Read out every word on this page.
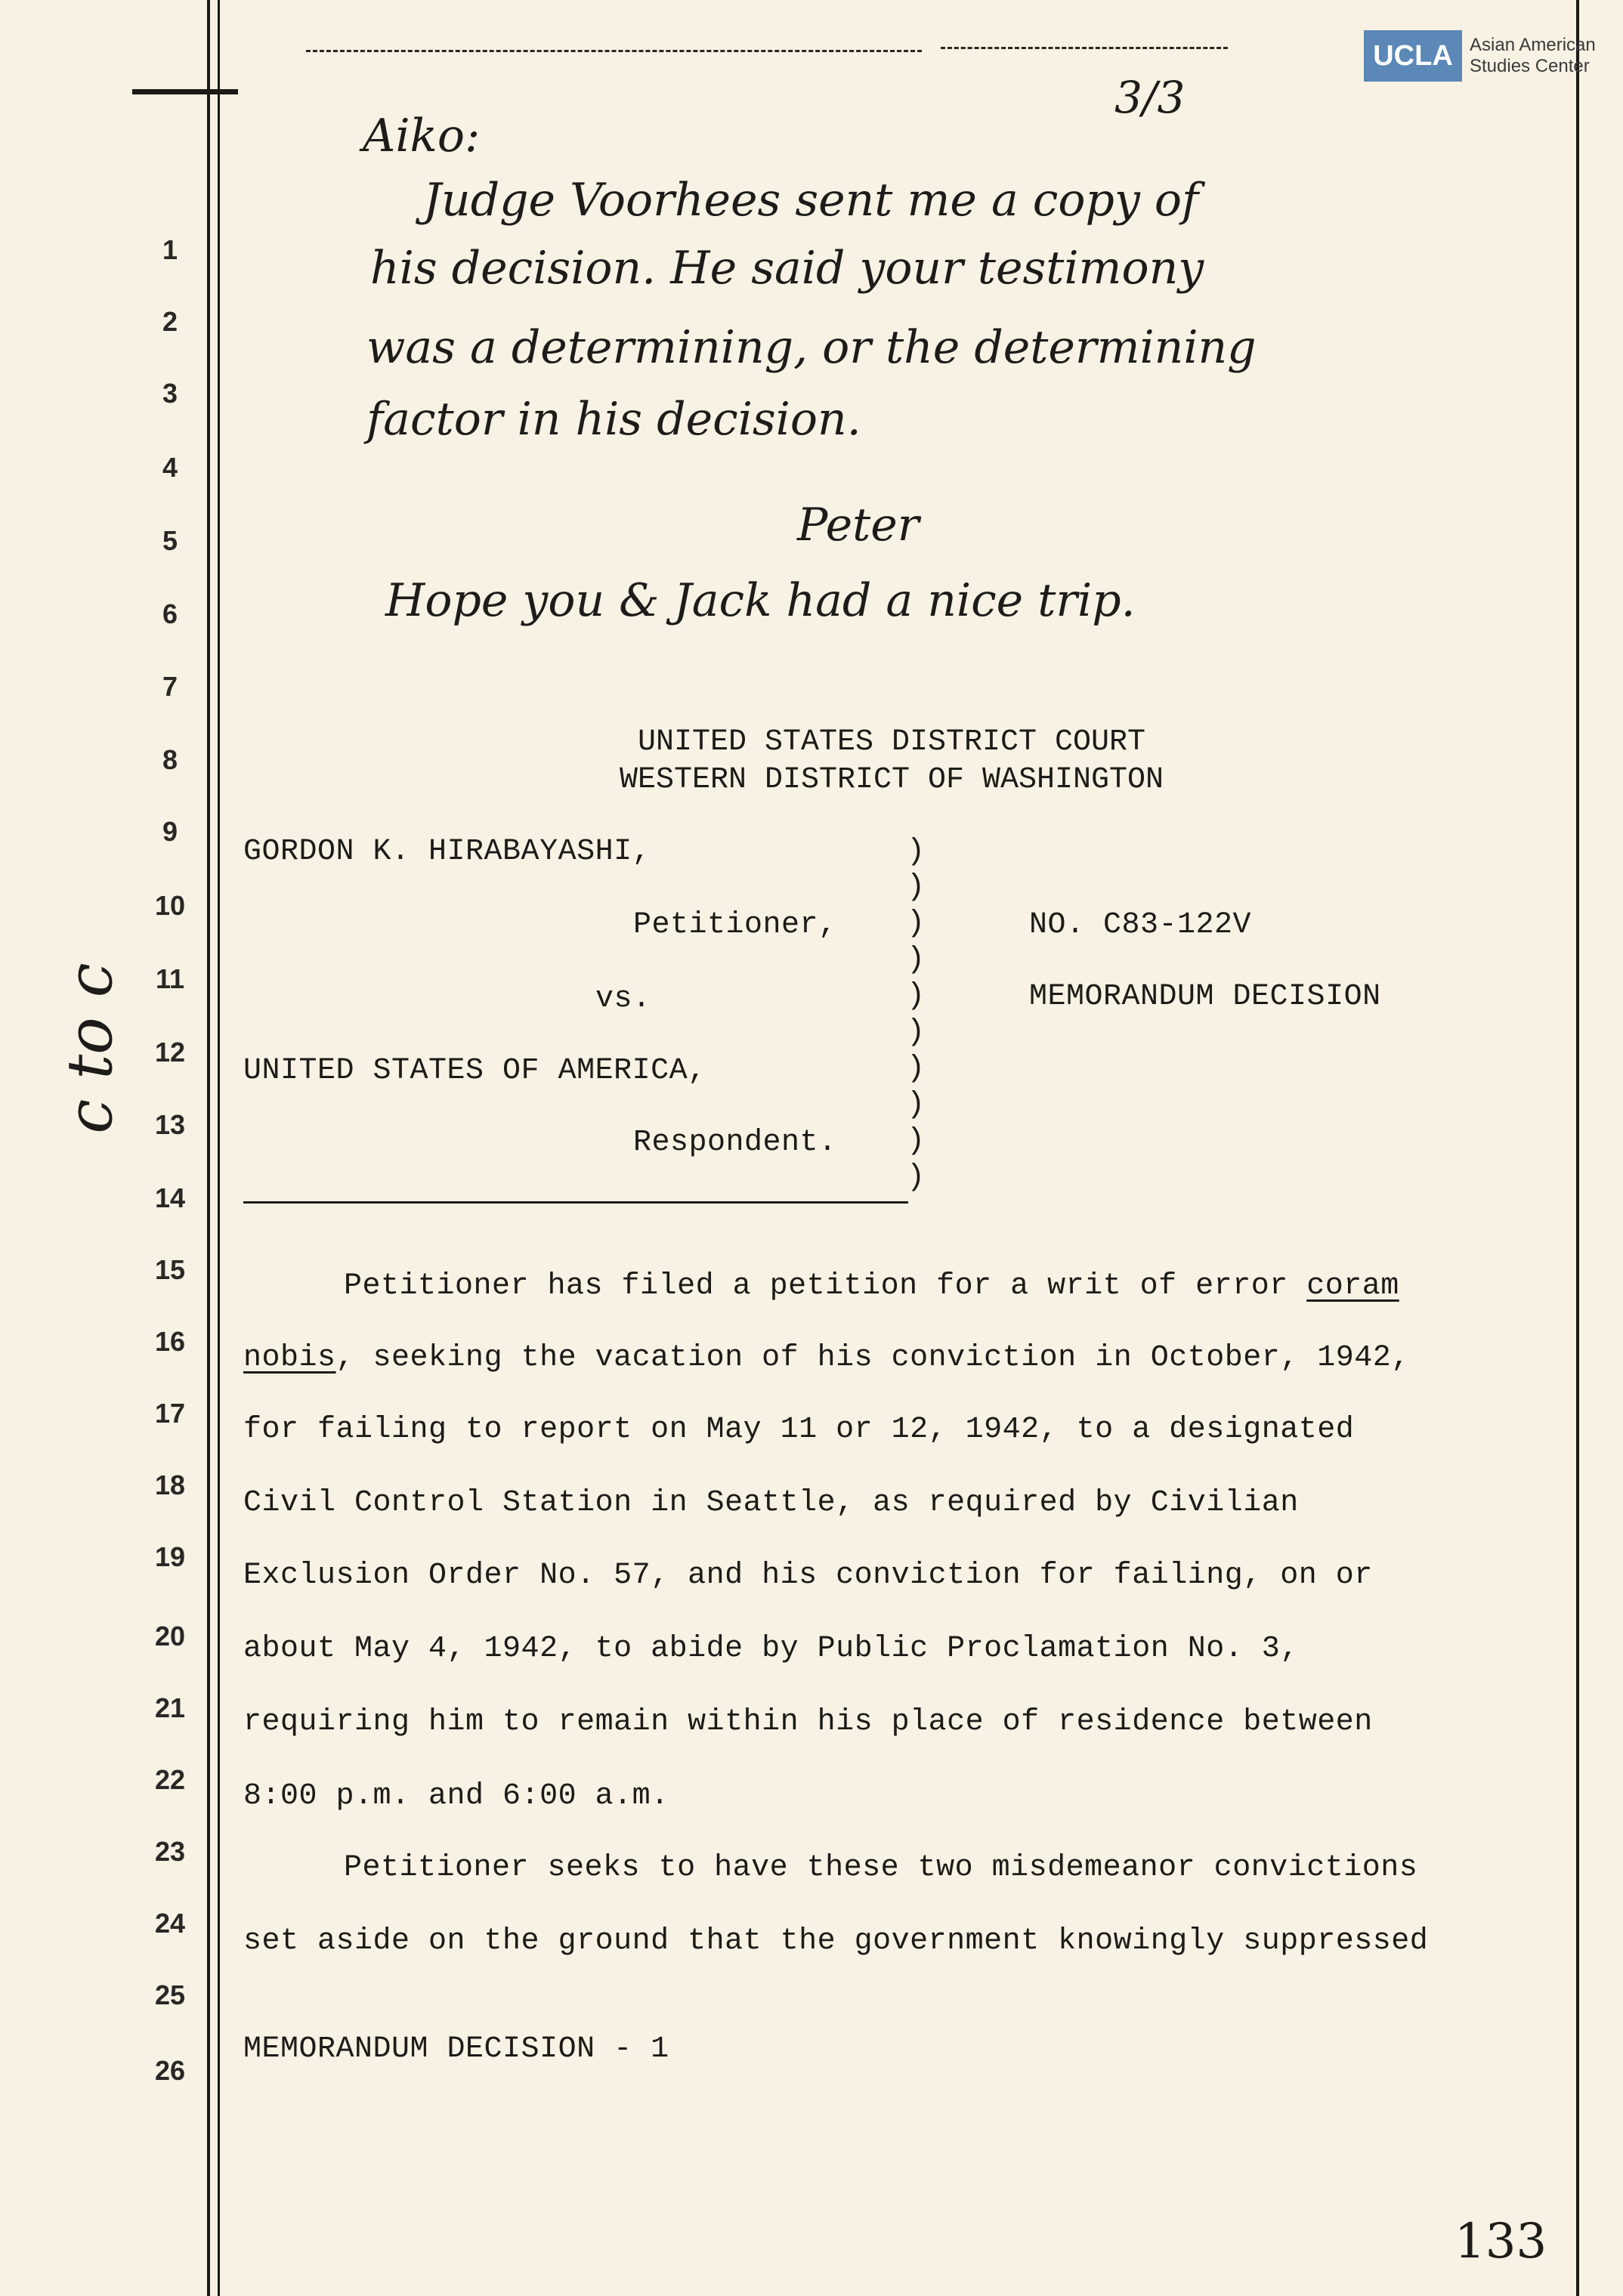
UCLA Asian American
Studies Center
3/3
Aiko:
Judge Voorhees sent me a copy of
his decision. He said your testimony
was a determining, or the determining
factor in his decision.
Peter
Hope you & Jack had a nice trip.
c to c
1
2
3
4
5
6
7
8
9
10
11
12
13
14
15
16
17
18
19
20
21
22
23
24
25
26
UNITED STATES DISTRICT COURT
WESTERN DISTRICT OF WASHINGTON
GORDON K. HIRABAYASHI,
Petitioner,
vs.
UNITED STATES OF AMERICA,
Respondent.
)
)
)
)
)
)
)
)
)
)
NO. C83-122V
MEMORANDUM DECISION
Petitioner has filed a petition for a writ of error coram
nobis, seeking the vacation of his conviction in October, 1942,
for failing to report on May 11 or 12, 1942, to a designated
Civil Control Station in Seattle, as required by Civilian
Exclusion Order No. 57, and his conviction for failing, on or
about May 4, 1942, to abide by Public Proclamation No. 3,
requiring him to remain within his place of residence between
8:00 p.m. and 6:00 a.m.
Petitioner seeks to have these two misdemeanor convictions
set aside on the ground that the government knowingly suppressed
MEMORANDUM DECISION - 1
133
